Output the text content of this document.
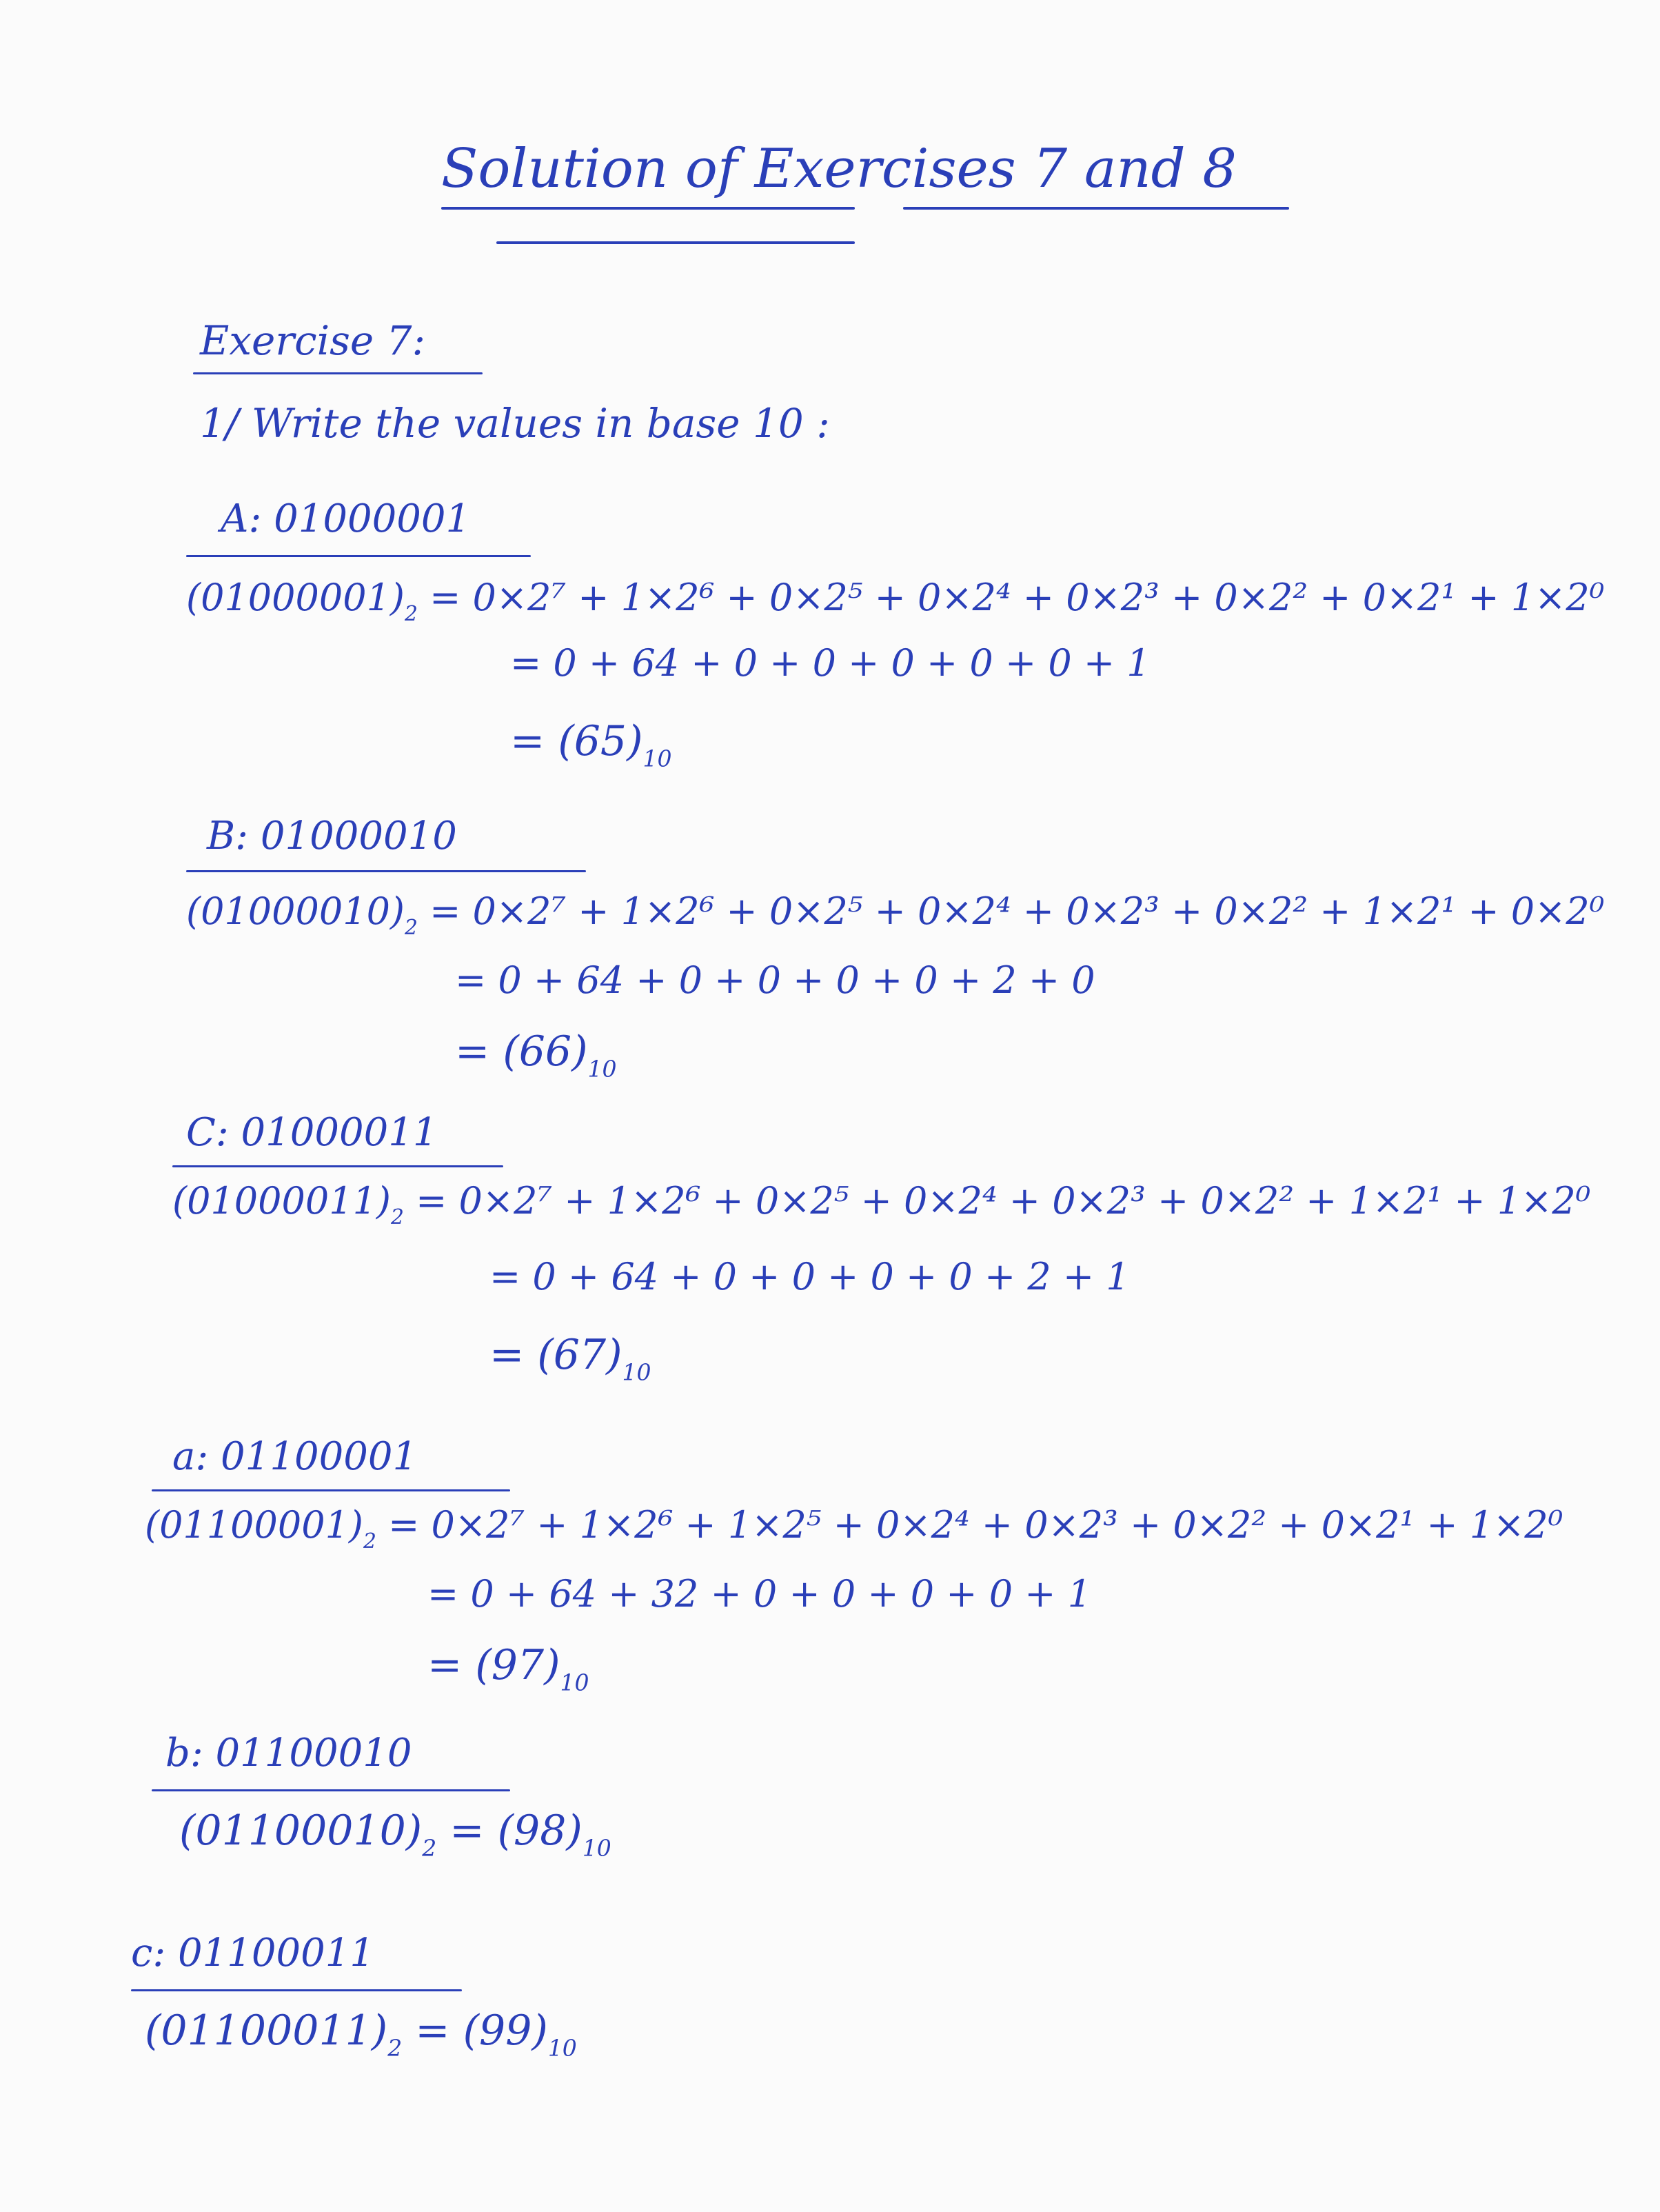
Solution of Exercises 7 and 8
Exercise 7:
1/ Write the values in base 10 :
A: 01000001
$(01000001)_2 = 0\times 2^7 + 1\times 2^6 + 0\times 2^5 + 0\times 2^4 + 0\times 2^3 + 0\times 2^2 + 0\times 2^1 + 1\times 2^0$
= 0 + 64 + 0 + 0 + 0 + 0 + 0 + 1
= $(65)_{10}$
B: 01000010
$(01000010)_2 = 0\times 2^7 + 1\times 2^6 + 0\times 2^5 + 0\times 2^4 + 0\times 2^3 + 0\times 2^2 + 1\times 2^1 + 0\times 2^0$
= 0 + 64 + 0 + 0 + 0 + 0 + 2 + 0
= $(66)_{10}$
C: 01000011
$(01000011)_2 = 0\times 2^7 + 1\times 2^6 + 0\times 2^5 + 0\times 2^4 + 0\times 2^3 + 0\times 2^2 + 1\times 2^1 + 1\times 2^0$
= 0 + 64 + 0 + 0 + 0 + 0 + 2 + 1
= $(67)_{10}$
a: 01100001
$(01100001)_2 = 0\times 2^7 + 1\times 2^6 + 1\times 2^5 + 0\times 2^4 + 0\times 2^3 + 0\times 2^2 + 0\times 2^1 + 1\times 2^0$
= 0 + 64 + 32 + 0 + 0 + 0 + 0 + 1
= $(97)_{10}$
b: 01100010
$(01100010)_2 = (98)_{10}$
c: 01100011
$(01100011)_2 = (99)_{10}$
